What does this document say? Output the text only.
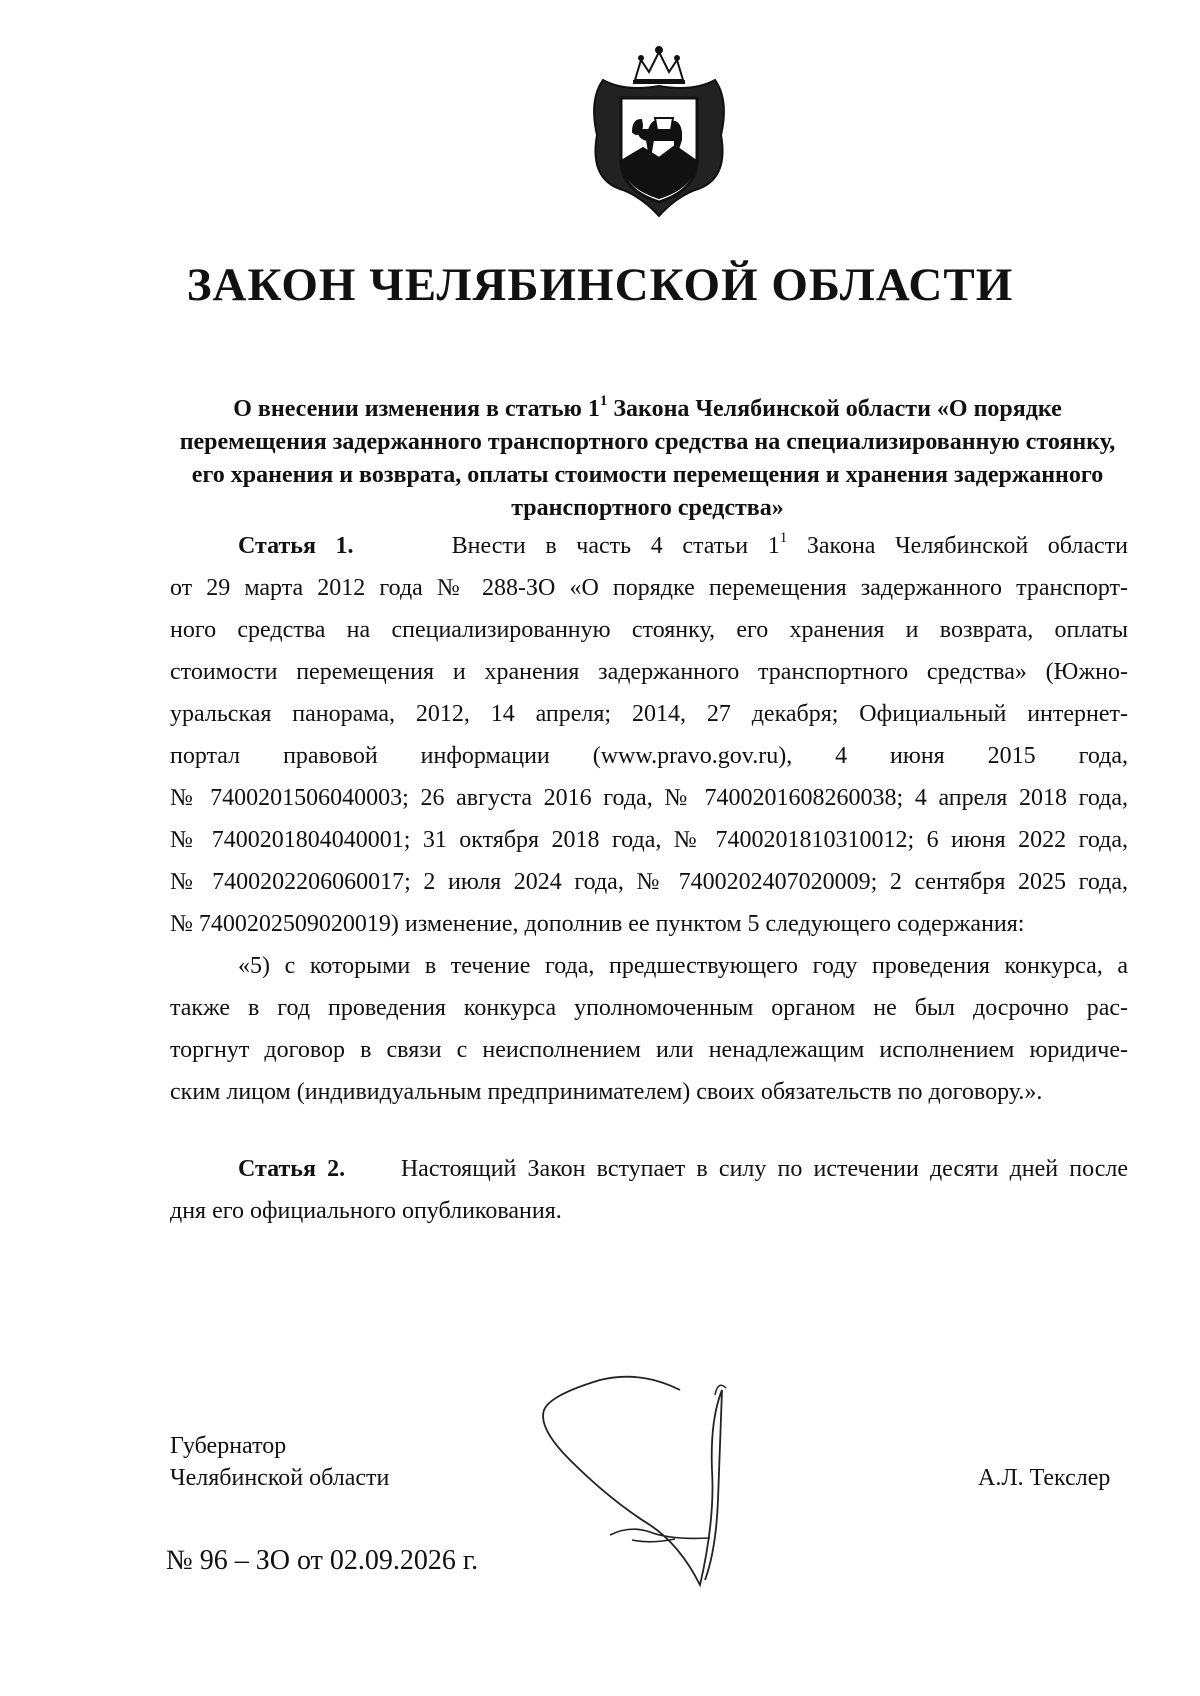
ЗАКОН ЧЕЛЯБИНСКОЙ ОБЛАСТИ
О внесении изменения в статью $1^1$ Закона Челябинской области «О порядке перемещения задержанного транспортного средства на специализированную стоянку, его хранения и возврата, оплаты стоимости перемещения и хранения задержанного транспортного средства»
Статья 1.	Внести в часть 4 статьи $1^1$ Закона Челябинской области
от 29 марта 2012 года № 288-ЗО «О порядке перемещения задержанного транспорт-
ного средства на специализированную стоянку, его хранения и возврата, оплаты
стоимости перемещения и хранения задержанного транспортного средства» (Южно-
уральская панорама, 2012, 14 апреля; 2014, 27 декабря; Официальный интернет-
портал правовой информации (www.pravo.gov.ru), 4 июня 2015 года,
№ 7400201506040003; 26 августа 2016 года, № 7400201608260038; 4 апреля 2018 года,
№ 7400201804040001; 31 октября 2018 года, № 7400201810310012; 6 июня 2022 года,
№ 7400202206060017; 2 июля 2024 года, № 7400202407020009; 2 сентября 2025 года,
№ 7400202509020019) изменение, дополнив ее пунктом 5 следующего содержания:
«5) с которыми в течение года, предшествующего году проведения конкурса, а
также в год проведения конкурса уполномоченным органом не был досрочно рас-
торгнут договор в связи с неисполнением или ненадлежащим исполнением юридиче-
ским лицом (индивидуальным предпринимателем) своих обязательств по договору.».
Статья 2. Настоящий Закон вступает в силу по истечении десяти дней после
дня его официального опубликования.
Губернатор
Челябинской области	А.Л. Текслер
№ 96 – ЗО от 02.09.2026 г.
